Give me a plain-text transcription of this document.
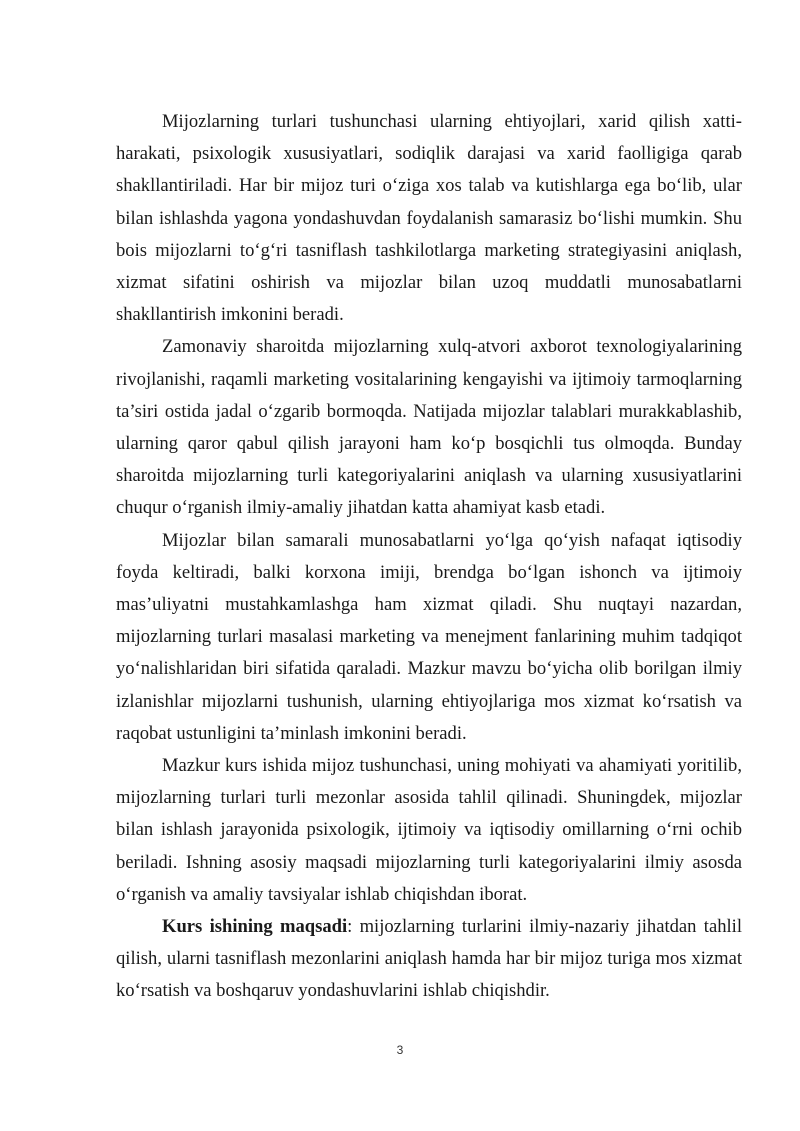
Mijozlarning turlari tushunchasi ularning ehtiyojlari, xarid qilish xatti-harakati, psixologik xususiyatlari, sodiqlik darajasi va xarid faolligiga qarab shakllantiriladi. Har bir mijoz turi o‘ziga xos talab va kutishlarga ega bo‘lib, ular bilan ishlashda yagona yondashuvdan foydalanish samarasiz bo‘lishi mumkin. Shu bois mijozlarni to‘g‘ri tasniflash tashkilotlarga marketing strategiyasini aniqlash, xizmat sifatini oshirish va mijozlar bilan uzoq muddatli munosabatlarni shakllantirish imkonini beradi.

Zamonaviy sharoitda mijozlarning xulq-atvori axborot texnologiyalarining rivojlanishi, raqamli marketing vositalarining kengayishi va ijtimoiy tarmoqlarning ta’siri ostida jadal o‘zgarib bormoqda. Natijada mijozlar talablari murakkablashib, ularning qaror qabul qilish jarayoni ham ko‘p bosqichli tus olmoqda. Bunday sharoitda mijozlarning turli kategoriyalarini aniqlash va ularning xususiyatlarini chuqur o‘rganish ilmiy-amaliy jihatdan katta ahamiyat kasb etadi.

Mijozlar bilan samarali munosabatlarni yo‘lga qo‘yish nafaqat iqtisodiy foyda keltiradi, balki korxona imiji, brendga bo‘lgan ishonch va ijtimoiy mas’uliyatni mustahkamlashga ham xizmat qiladi. Shu nuqtayi nazardan, mijozlarning turlari masalasi marketing va menejment fanlarining muhim tadqiqot yo‘nalishlaridan biri sifatida qaraladi. Mazkur mavzu bo‘yicha olib borilgan ilmiy izlanishlar mijozlarni tushunish, ularning ehtiyojlariga mos xizmat ko‘rsatish va raqobat ustunligini ta’minlash imkonini beradi.

Mazkur kurs ishida mijoz tushunchasi, uning mohiyati va ahamiyati yoritilib, mijozlarning turlari turli mezonlar asosida tahlil qilinadi. Shuningdek, mijozlar bilan ishlash jarayonida psixologik, ijtimoiy va iqtisodiy omillarning o‘rni ochib beriladi. Ishning asosiy maqsadi mijozlarning turli kategoriyalarini ilmiy asosda o‘rganish va amaliy tavsiyalar ishlab chiqishdan iborat.

Kurs ishining maqsadi: mijozlarning turlarini ilmiy-nazariy jihatdan tahlil qilish, ularni tasniflash mezonlarini aniqlash hamda har bir mijoz turiga mos xizmat ko‘rsatish va boshqaruv yondashuvlarini ishlab chiqishdir.

3
